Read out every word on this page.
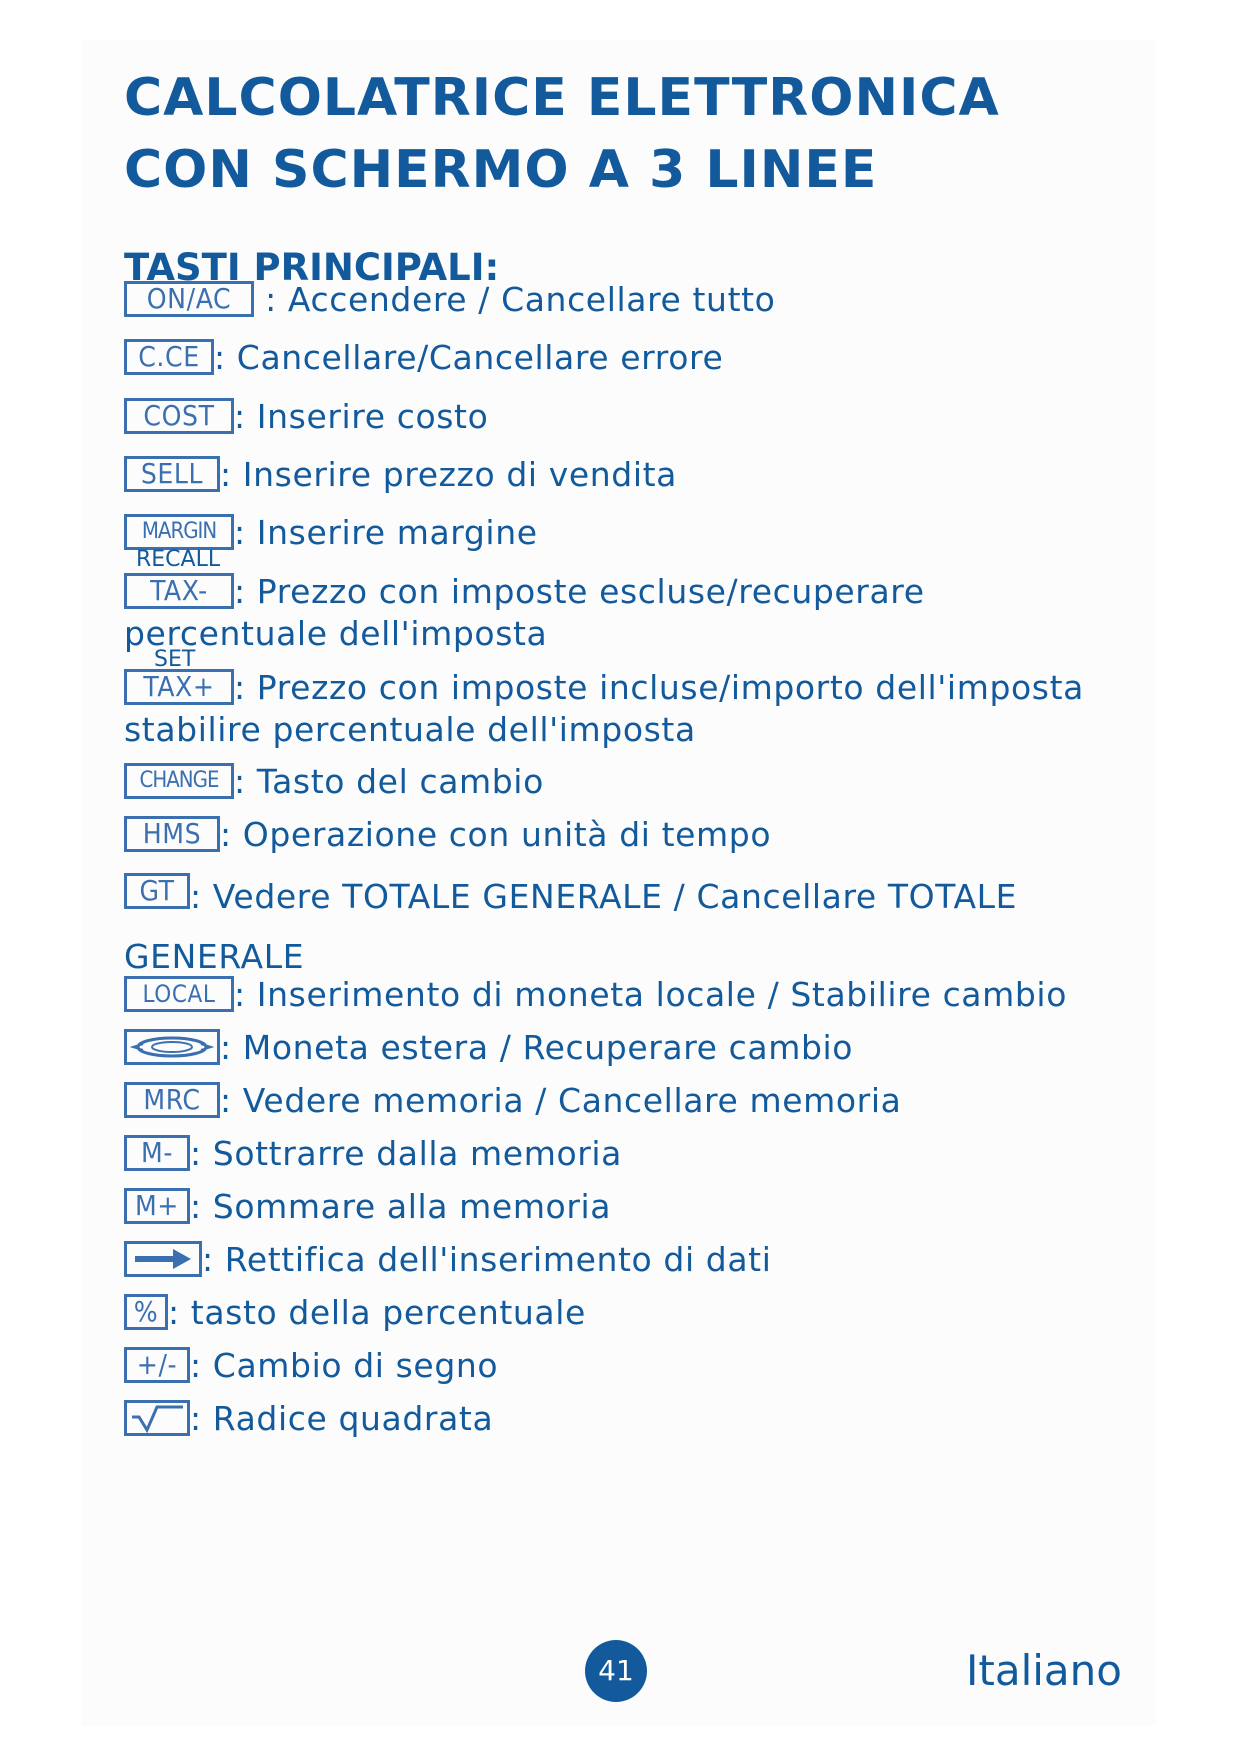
CALCOLATRICE ELETTRONICA
CON SCHERMO A 3 LINEE
TASTI PRINCIPALI:
ON/AC : Accendere / Cancellare tutto
C.CE : Cancellare/Cancellare errore
COST : Inserire costo
SELL : Inserire prezzo di vendita
MARGIN : Inserire margine
RECALL
TAX- : Prezzo con imposte escluse/recuperare percentuale dell'imposta
SET
TAX+ : Prezzo con imposte incluse/importo dell'imposta stabilire percentuale dell'imposta
CHANGE : Tasto del cambio
HMS : Operazione con unità di tempo
GT : Vedere TOTALE GENERALE / Cancellare TOTALE GENERALE
LOCAL : Inserimento di moneta locale / Stabilire cambio
: Moneta estera / Recuperare cambio
MRC : Vedere memoria / Cancellare memoria
M- : Sottrarre dalla memoria
M+ : Sommare alla memoria
: Rettifica dell'inserimento di dati
% : tasto della percentuale
+/- : Cambio di segno
: Radice quadrata
41	Italiano
